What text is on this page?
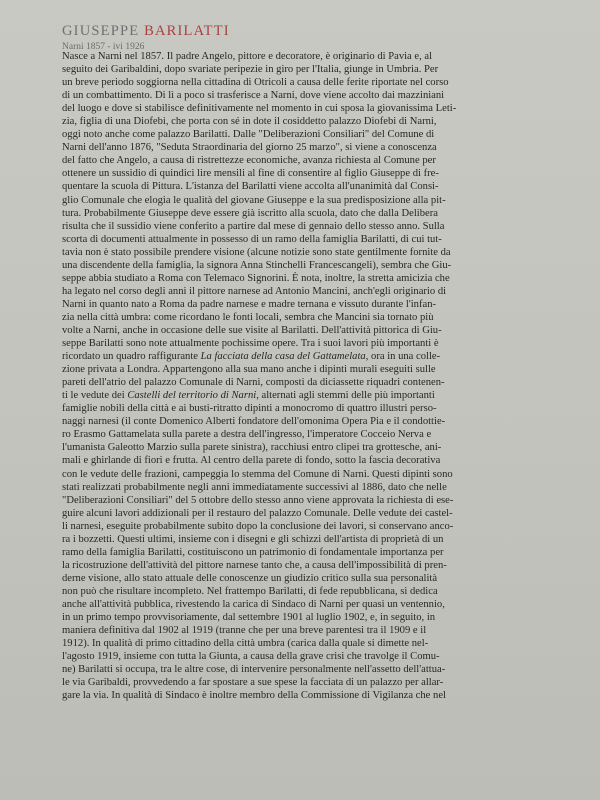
GIUSEPPE BARILATTI
Narni 1857 - ivi 1926
Nasce a Narni nel 1857. Il padre Angelo, pittore e decoratore, è originario di Pavia e, al
seguito dei Garibaldini, dopo svariate peripezie in giro per l'Italia, giunge in Umbria. Per
un breve periodo soggiorna nella cittadina di Otricoli a causa delle ferite riportate nel corso
di un combattimento. Di lì a poco si trasferisce a Narni, dove viene accolto dai mazziniani
del luogo e dove si stabilisce definitivamente nel momento in cui sposa la giovanissima Leti-
zia, figlia di una Diofebi, che porta con sé in dote il cosiddetto palazzo Diofebi di Narni,
oggi noto anche come palazzo Barilatti. Dalle "Deliberazioni Consiliari" del Comune di
Narni dell'anno 1876, "Seduta Straordinaria del giorno 25 marzo", si viene a conoscenza
del fatto che Angelo, a causa di ristrettezze economiche, avanza richiesta al Comune per
ottenere un sussidio di quindici lire mensili al fine di consentire al figlio Giuseppe di fre-
quentare la scuola di Pittura. L'istanza del Barilatti viene accolta all'unanimità dal Consi-
glio Comunale che elogia le qualità del giovane Giuseppe e la sua predisposizione alla pit-
tura. Probabilmente Giuseppe deve essere già iscritto alla scuola, dato che dalla Delibera
risulta che il sussidio viene conferito a partire dal mese di gennaio dello stesso anno. Sulla
scorta di documenti attualmente in possesso di un ramo della famiglia Barilatti, di cui tut-
tavia non è stato possibile prendere visione (alcune notizie sono state gentilmente fornite da
una discendente della famiglia, la signora Anna Stinchelli Francescangeli), sembra che Giu-
seppe abbia studiato a Roma con Telemaco Signorini. È nota, inoltre, la stretta amicizia che
ha legato nel corso degli anni il pittore narnese ad Antonio Mancini, anch'egli originario di
Narni in quanto nato a Roma da padre narnese e madre ternana e vissuto durante l'infan-
zia nella città umbra: come ricordano le fonti locali, sembra che Mancini sia tornato più
volte a Narni, anche in occasione delle sue visite al Barilatti. Dell'attività pittorica di Giu-
seppe Barilatti sono note attualmente pochissime opere. Tra i suoi lavori più importanti è
ricordato un quadro raffigurante La facciata della casa del Gattamelata, ora in una colle-
zione privata a Londra. Appartengono alla sua mano anche i dipinti murali eseguiti sulle
pareti dell'atrio del palazzo Comunale di Narni, composti da diciassette riquadri contenen-
ti le vedute dei Castelli del territorio di Narni, alternati agli stemmi delle più importanti
famiglie nobili della città e ai busti-ritratto dipinti a monocromo di quattro illustri perso-
naggi narnesi (il conte Domenico Alberti fondatore dell'omonima Opera Pia e il condottie-
ro Erasmo Gattamelata sulla parete a destra dell'ingresso, l'imperatore Cocceio Nerva e
l'umanista Galeotto Marzio sulla parete sinistra), racchiusi entro clipei tra grottesche, ani-
mali e ghirlande di fiori e frutta. Al centro della parete di fondo, sotto la fascia decorativa
con le vedute delle frazioni, campeggia lo stemma del Comune di Narni. Questi dipinti sono
stati realizzati probabilmente negli anni immediatamente successivi al 1886, dato che nelle
"Deliberazioni Consiliari" del 5 ottobre dello stesso anno viene approvata la richiesta di ese-
guire alcuni lavori addizionali per il restauro del palazzo Comunale. Delle vedute dei castel-
li narnesi, eseguite probabilmente subito dopo la conclusione dei lavori, si conservano anco-
ra i bozzetti. Questi ultimi, insieme con i disegni e gli schizzi dell'artista di proprietà di un
ramo della famiglia Barilatti, costituiscono un patrimonio di fondamentale importanza per
la ricostruzione dell'attività del pittore narnese tanto che, a causa dell'impossibilità di pren-
derne visione, allo stato attuale delle conoscenze un giudizio critico sulla sua personalità
non può che risultare incompleto. Nel frattempo Barilatti, di fede repubblicana, si dedica
anche all'attività pubblica, rivestendo la carica di Sindaco di Narni per quasi un ventennio,
in un primo tempo provvisoriamente, dal settembre 1901 al luglio 1902, e, in seguito, in
maniera definitiva dal 1902 al 1919 (tranne che per una breve parentesi tra il 1909 e il
1912). In qualità di primo cittadino della città umbra (carica dalla quale si dimette nel-
l'agosto 1919, insieme con tutta la Giunta, a causa della grave crisi che travolge il Comu-
ne) Barilatti si occupa, tra le altre cose, di intervenire personalmente nell'assetto dell'attua-
le via Garibaldi, provvedendo a far spostare a sue spese la facciata di un palazzo per allar-
gare la via. In qualità di Sindaco è inoltre membro della Commissione di Vigilanza che nel
